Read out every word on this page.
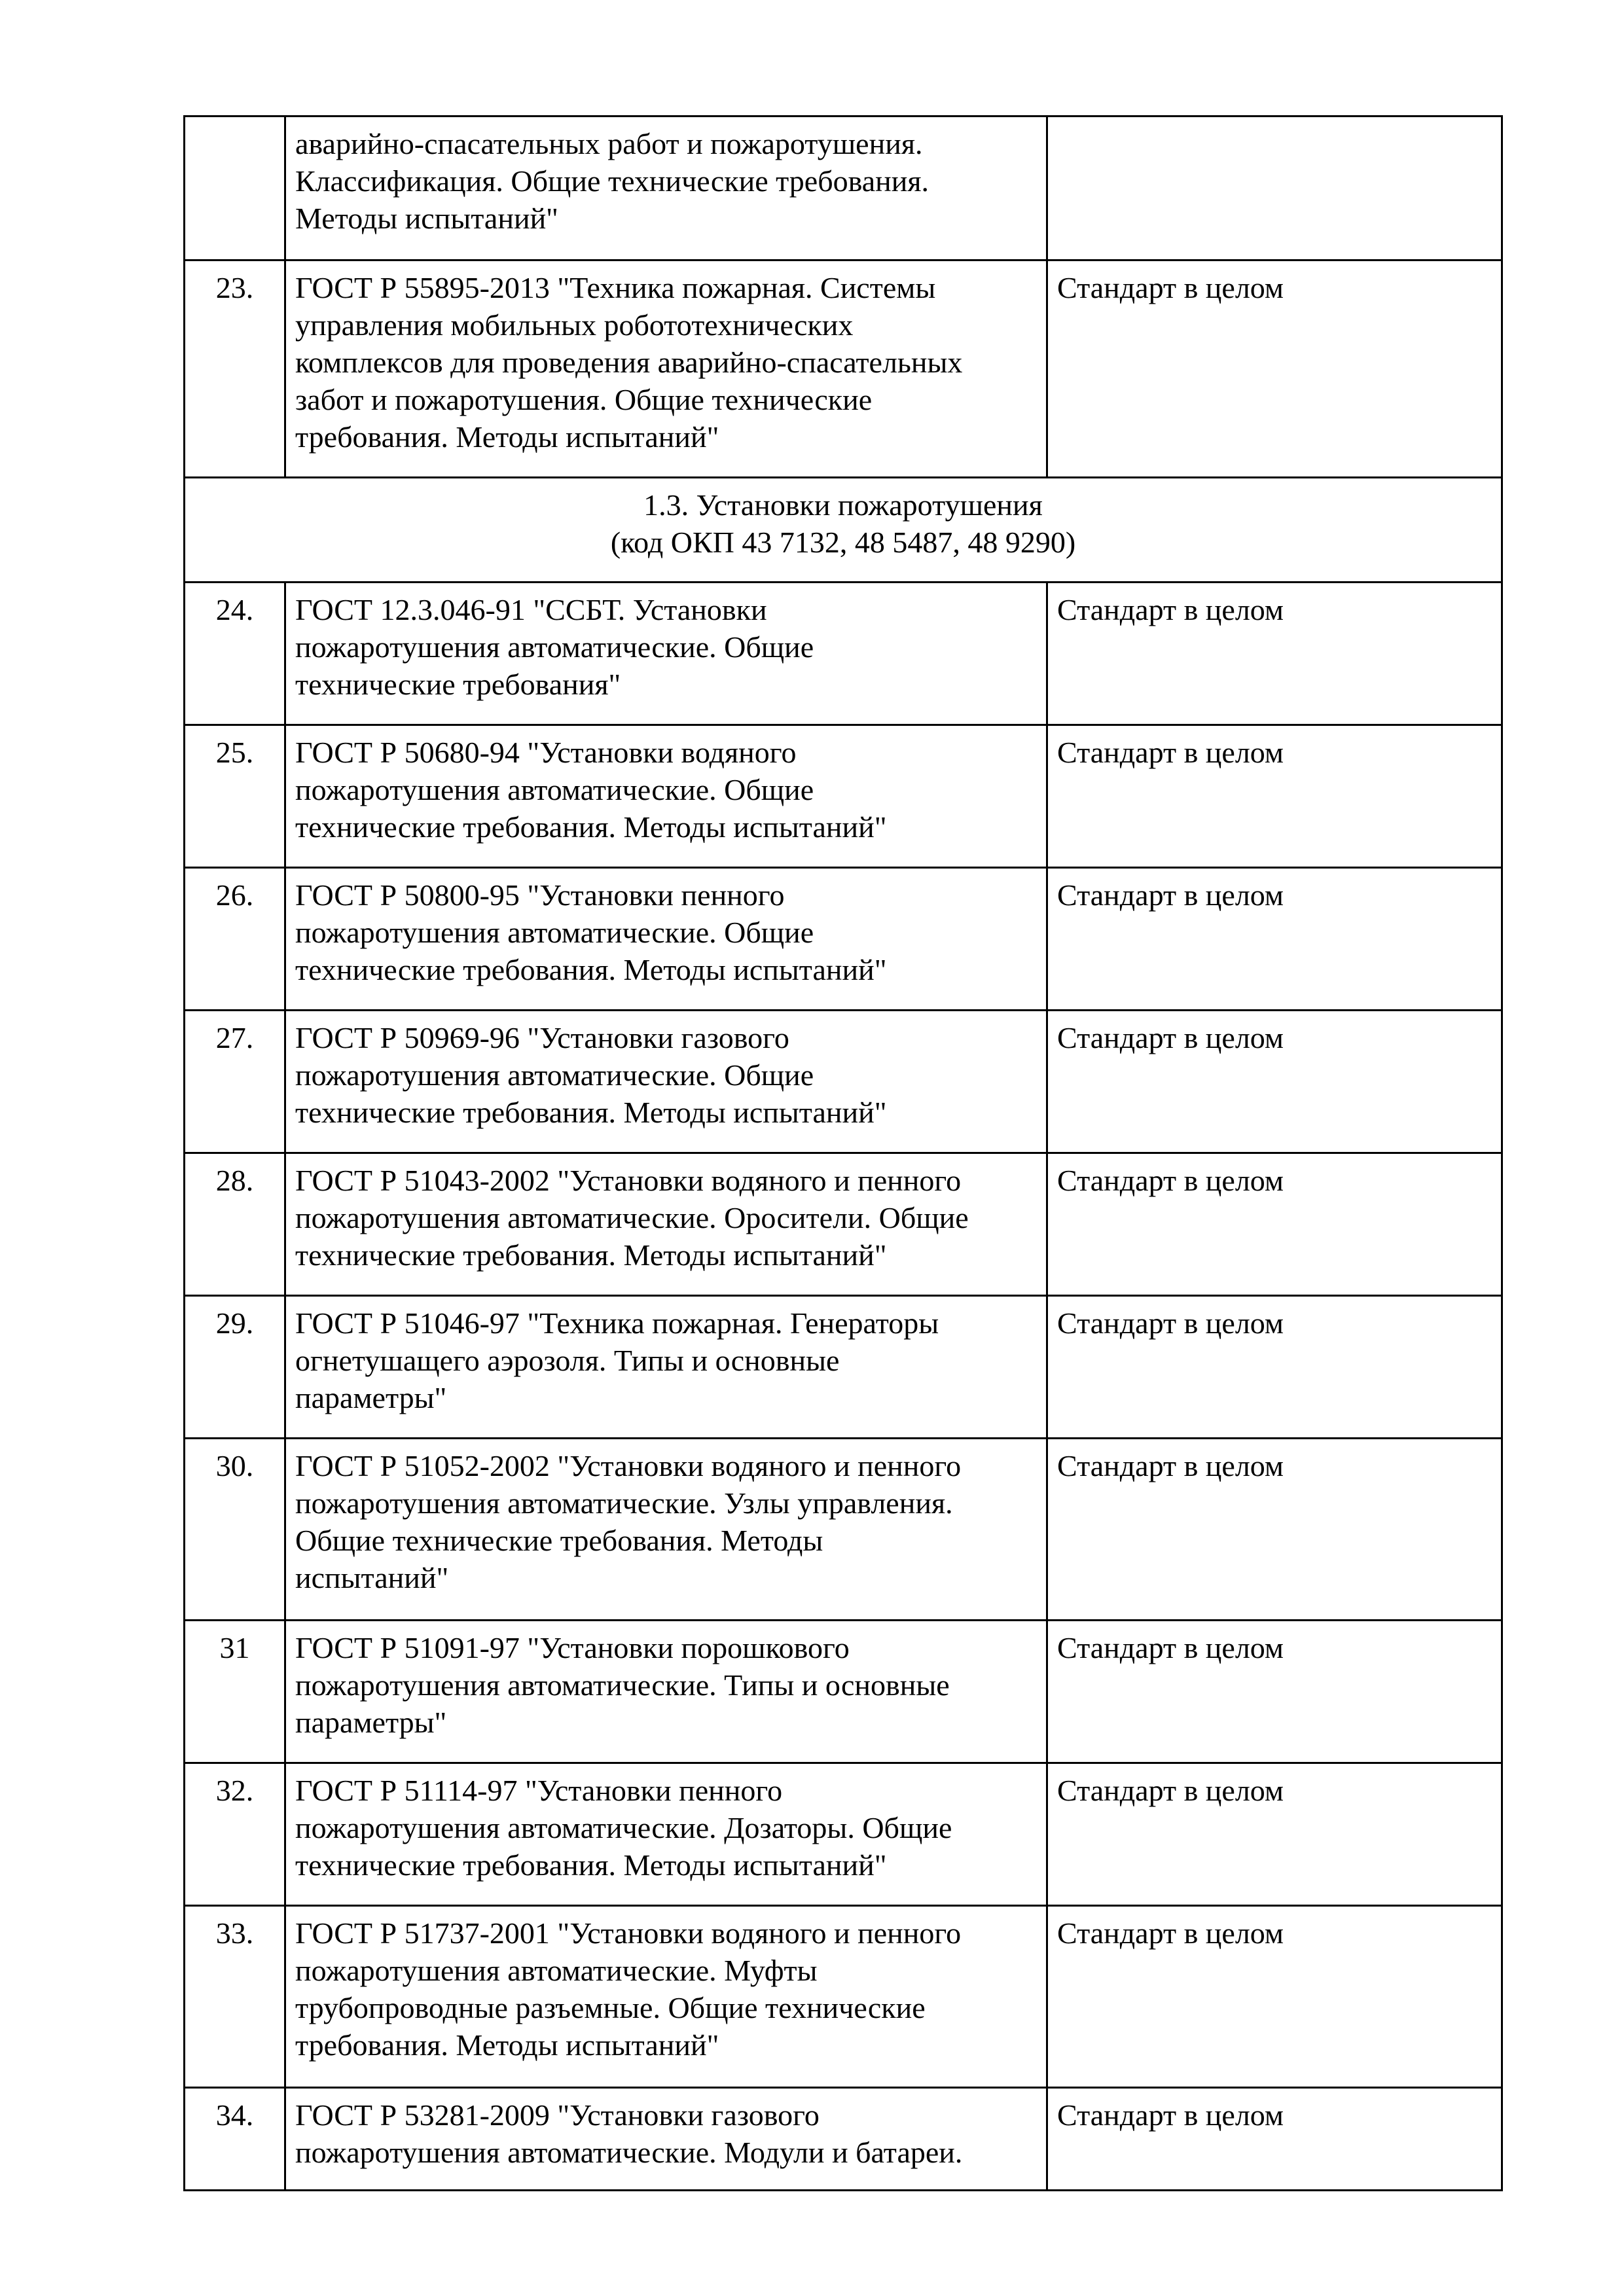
	аварийно-спасательных работ и пожаротушения.
Классификация. Общие технические требования.
Методы испытаний"	

23.	ГОСТ Р 55895-2013 "Техника пожарная. Системы
управления мобильных робототехнических
комплексов для проведения аварийно-спасательных
забот и пожаротушения. Общие технические
требования. Методы испытаний"	Стандарт в целом

1.3. Установки пожаротушения
(код ОКП 43 7132, 48 5487, 48 9290)		

24.	ГОСТ 12.3.046-91 "ССБТ. Установки
пожаротушения автоматические. Общие
технические требования"	Стандарт в целом
25.	ГОСТ Р 50680-94 "Установки водяного
пожаротушения автоматические. Общие
технические требования. Методы испытаний"	Стандарт в целом
26.	ГОСТ Р 50800-95 "Установки пенного
пожаротушения автоматические. Общие
технические требования. Методы испытаний"	Стандарт в целом
27.	ГОСТ Р 50969-96 "Установки газового
пожаротушения автоматические. Общие
технические требования. Методы испытаний"	Стандарт в целом
28.	ГОСТ Р 51043-2002 "Установки водяного и пенного
пожаротушения автоматические. Оросители. Общие
технические требования. Методы испытаний"	Стандарт в целом
29.	ГОСТ Р 51046-97 "Техника пожарная. Генераторы
огнетушащего аэрозоля. Типы и основные
параметры"	Стандарт в целом
30.	ГОСТ Р 51052-2002 "Установки водяного и пенного
пожаротушения автоматические. Узлы управления.
Общие технические требования. Методы
испытаний"	Стандарт в целом
31	ГОСТ Р 51091-97 "Установки порошкового
пожаротушения автоматические. Типы и основные
параметры"	Стандарт в целом
32.	ГОСТ Р 51114-97 "Установки пенного
пожаротушения автоматические. Дозаторы. Общие
технические требования. Методы испытаний"	Стандарт в целом
33.	ГОСТ Р 51737-2001 "Установки водяного и пенного
пожаротушения автоматические. Муфты
трубопроводные разъемные. Общие технические
требования. Методы испытаний"	Стандарт в целом
34.	ГОСТ Р 53281-2009 "Установки газового
пожаротушения автоматические. Модули и батареи.	Стандарт в целом
